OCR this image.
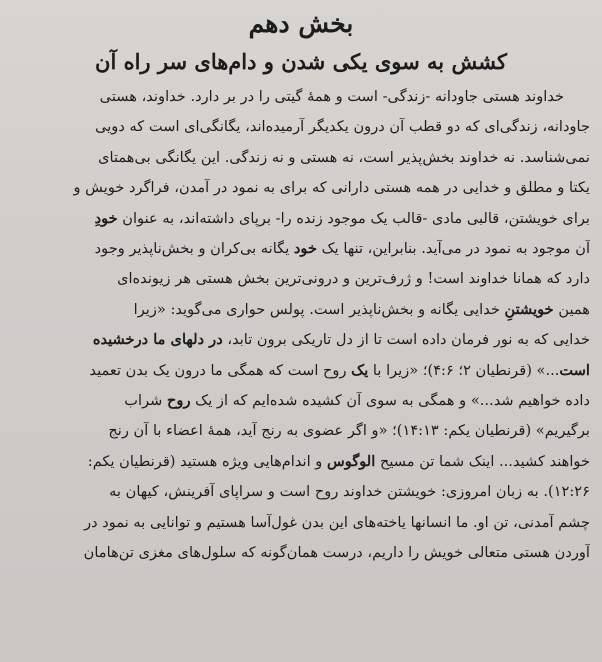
بخش دهم
کشش به سوی یکی شدن و دام‌های سر راه آن
خداوند هستی جاودانه -زندگی- است و همهٔ گیتی را در بر دارد. خداوند، هستی
جاودانه، زندگی‌ای که دو قطب آن درون یکدیگر آرمیده‌اند، یگانگی‌ای است که دویی
نمی‌شناسد. نه خداوند بخش‌پذیر است، نه هستی و نه زندگی. این یگانگی بی‌همتای
یکتا و مطلق و خدایی در همه هستی دارانی که برای به نمود در آمدن، فراگرد خویش و
برای خویشتن، قالبی مادی -قالب یک موجود زنده را- برپای داشته‌اند، به عنوان خودِ
آن موجود به نمود در می‌آید. بنابراین، تنها یک خود یگانه بی‌کران و بخش‌ناپذیر وجود
دارد که همانا خداوند است! و ژرف‌ترین و درونی‌ترین بخش هستی هر زیونده‌ای
همین خویشتنِ خدایی یگانه و بخش‌ناپذیر است. پولس حواری می‌گوید: «زیرا
خدایی که به نور فرمان داده است تا از دل تاریکی برون تابد، در دلهای ما درخشیده
است...» (قرنطیان ۲؛ ۴:۶)؛ «زیرا با یک روح است که همگی ما درون یک بدن تعمید
داده خواهیم شد...» و همگی به سوی آن کشیده شده‌ایم که از یک روح شراب
برگیریم» (قرنطیان یکم: ۱۴:۱۳)؛ «و اگر عضوی به رنج آید، همهٔ اعضاء با آن رنج
خواهند کشید... اینک شما تن مسیح الوگوس و اندام‌هایی ویژه هستید (قرنطیان یکم:
۱۲:۲۶). به زبان امروزی: خویشتن خداوند روح است و سراپای آفرینش، کیهان به
چشم آمدنی، تن او. ما انسانها یاخته‌های این بدن غول‌آسا هستیم و توانایی به نمود در
آوردن هستی متعالی خویش را داریم، درست همان‌گونه که سلول‌های مغزی تن‌هامان
